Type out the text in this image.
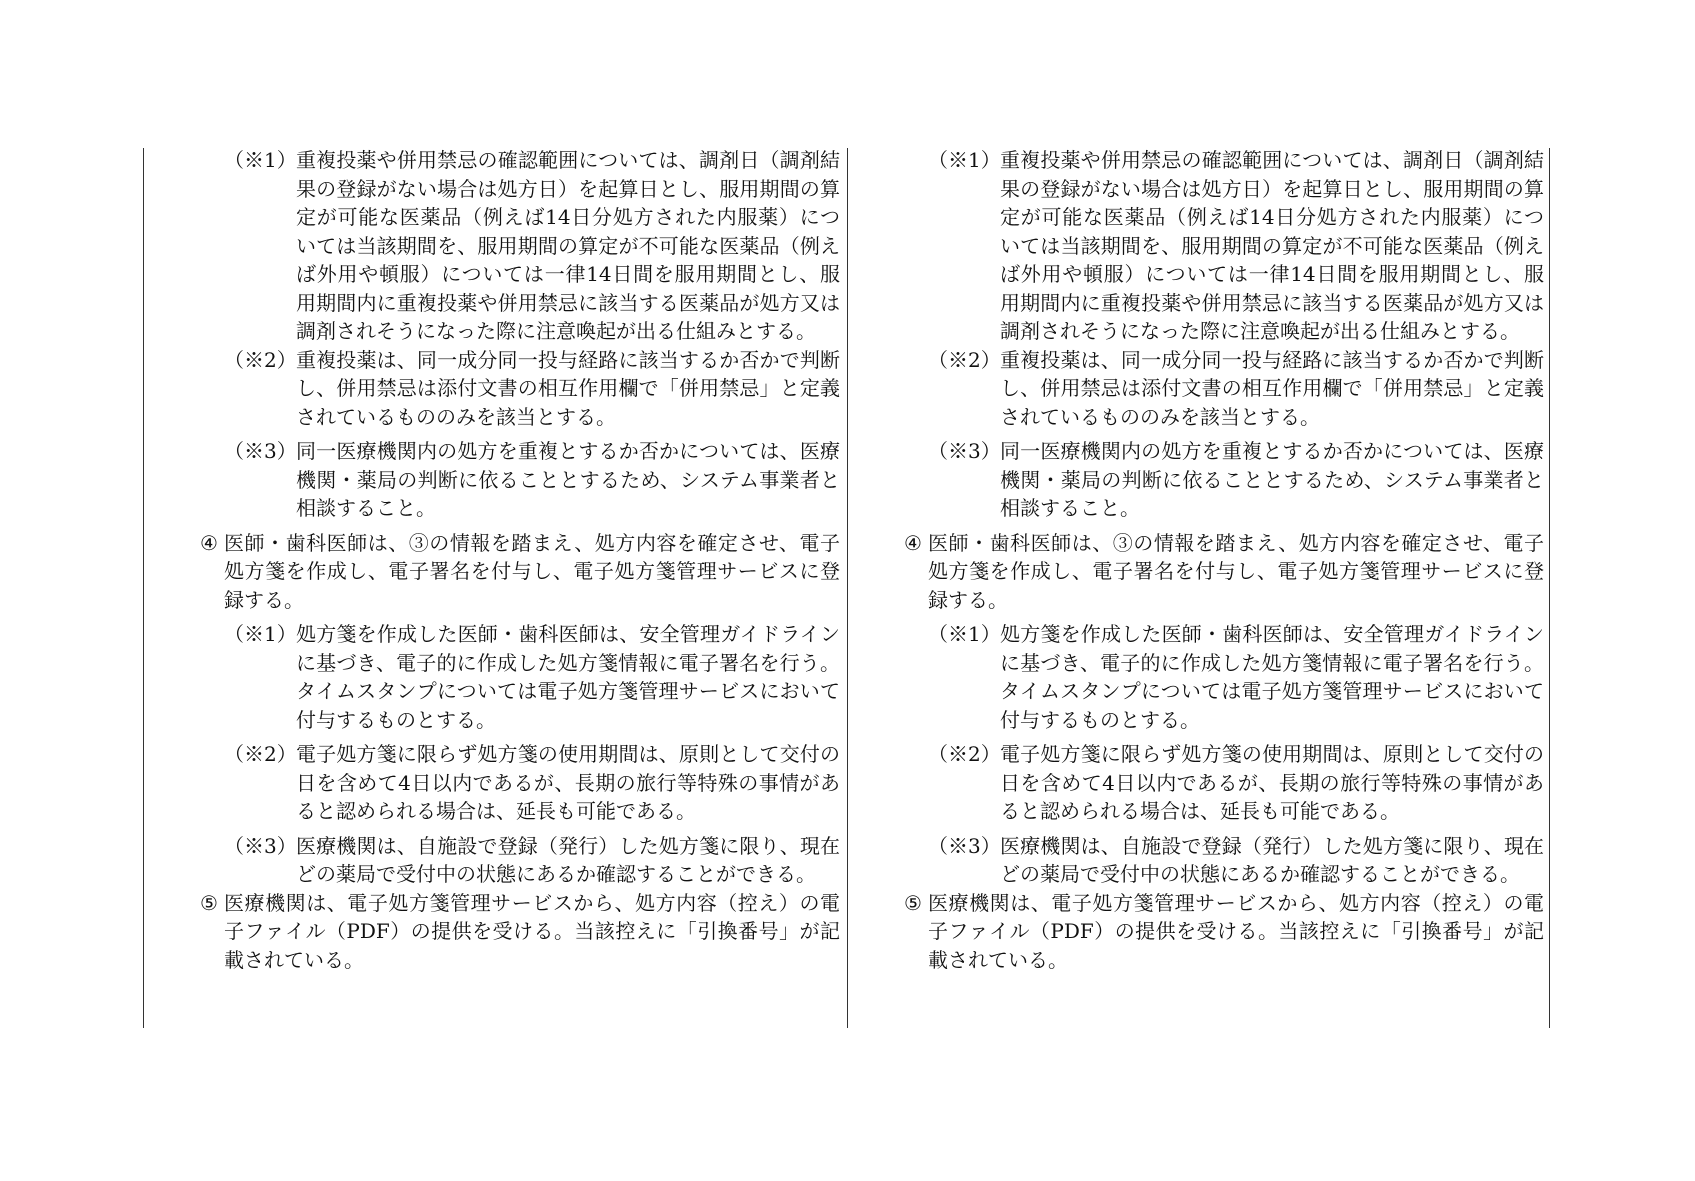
（※1） 重複投薬や併用禁忌の確認範囲については、調剤日（調剤結果の登録がない場合は処方日）を起算日とし、服用期間の算定が可能な医薬品（例えば14日分処方された内服薬）については当該期間を、服用期間の算定が不可能な医薬品（例えば外用や頓服）については一律14日間を服用期間とし、服用期間内に重複投薬や併用禁忌に該当する医薬品が処方又は調剤されそうになった際に注意喚起が出る仕組みとする。
（※2） 重複投薬は、同一成分同一投与経路に該当するか否かで判断し、併用禁忌は添付文書の相互作用欄で「併用禁忌」と定義されているもののみを該当とする。
（※3） 同一医療機関内の処方を重複とするか否かについては、医療機関・薬局の判断に依ることとするため、システム事業者と相談すること。
④ 医師・歯科医師は、③の情報を踏まえ、処方内容を確定させ、電子処方箋を作成し、電子署名を付与し、電子処方箋管理サービスに登録する。
（※1） 処方箋を作成した医師・歯科医師は、安全管理ガイドラインに基づき、電子的に作成した処方箋情報に電子署名を行う。タイムスタンプについては電子処方箋管理サービスにおいて付与するものとする。
（※2） 電子処方箋に限らず処方箋の使用期間は、原則として交付の日を含めて4日以内であるが、長期の旅行等特殊の事情があると認められる場合は、延長も可能である。
（※3） 医療機関は、自施設で登録（発行）した処方箋に限り、現在どの薬局で受付中の状態にあるか確認することができる。
⑤ 医療機関は、電子処方箋管理サービスから、処方内容（控え）の電子ファイル（PDF）の提供を受ける。当該控えに「引換番号」が記載されている。
（※1） 重複投薬や併用禁忌の確認範囲については、調剤日（調剤結果の登録がない場合は処方日）を起算日とし、服用期間の算定が可能な医薬品（例えば14日分処方された内服薬）については当該期間を、服用期間の算定が不可能な医薬品（例えば外用や頓服）については一律14日間を服用期間とし、服用期間内に重複投薬や併用禁忌に該当する医薬品が処方又は調剤されそうになった際に注意喚起が出る仕組みとする。
（※2） 重複投薬は、同一成分同一投与経路に該当するか否かで判断し、併用禁忌は添付文書の相互作用欄で「併用禁忌」と定義されているもののみを該当とする。
（※3） 同一医療機関内の処方を重複とするか否かについては、医療機関・薬局の判断に依ることとするため、システム事業者と相談すること。
④ 医師・歯科医師は、③の情報を踏まえ、処方内容を確定させ、電子処方箋を作成し、電子署名を付与し、電子処方箋管理サービスに登録する。
（※1） 処方箋を作成した医師・歯科医師は、安全管理ガイドラインに基づき、電子的に作成した処方箋情報に電子署名を行う。タイムスタンプについては電子処方箋管理サービスにおいて付与するものとする。
（※2） 電子処方箋に限らず処方箋の使用期間は、原則として交付の日を含めて4日以内であるが、長期の旅行等特殊の事情があると認められる場合は、延長も可能である。
（※3） 医療機関は、自施設で登録（発行）した処方箋に限り、現在どの薬局で受付中の状態にあるか確認することができる。
⑤ 医療機関は、電子処方箋管理サービスから、処方内容（控え）の電子ファイル（PDF）の提供を受ける。当該控えに「引換番号」が記載されている。
